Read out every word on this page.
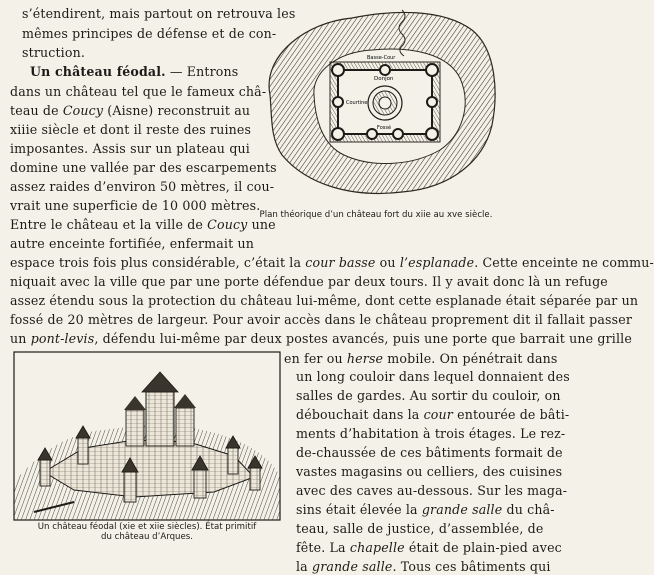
s’étendirent, mais partout on retrouva les
mêmes principes de défense et de con-
struction.
Un château féodal. — Entrons
dans un château tel que le fameux châ-
teau de Coucy (Aisne) reconstruit au
xiiie siècle et dont il reste des ruines
imposantes. Assis sur un plateau qui
domine une vallée par des escarpements
assez raides d’environ 50 mètres, il cou-
vrait une superficie de 10 000 mètres.
Entre le château et la ville de Coucy une
autre enceinte fortifiée, enfermait un
Donjon
Courtine
Fossé
Basse-Cour
Plan théorique d’un château fort du xiie au xve siècle.
espace trois fois plus considérable, c’était la cour basse ou l’esplanade. Cette enceinte ne commu-
niquait avec la ville que par une porte défendue par deux tours. Il y avait donc là un refuge
assez étendu sous la protection du château lui-même, dont cette esplanade était séparée par un
fossé de 20 mètres de largeur. Pour avoir accès dans le château proprement dit il fallait passer
un pont-levis, défendu lui-même par deux postes avancés, puis une porte que barrait une grille
Un château féodal (xie et xiie siècles). État primitif
du château d’Arques.
en fer ou herse mobile. On pénétrait dans
un long couloir dans lequel donnaient des
salles de gardes. Au sortir du couloir, on
débouchait dans la cour entourée de bâti-
ments d’habitation à trois étages. Le rez-
de-chaussée de ces bâtiments formait de
vastes magasins ou celliers, des cuisines
avec des caves au-dessous. Sur les maga-
sins était élevée la grande salle du châ-
teau, salle de justice, d’assemblée, de
fête. La chapelle était de plain-pied avec
la grande salle. Tous ces bâtiments qui
